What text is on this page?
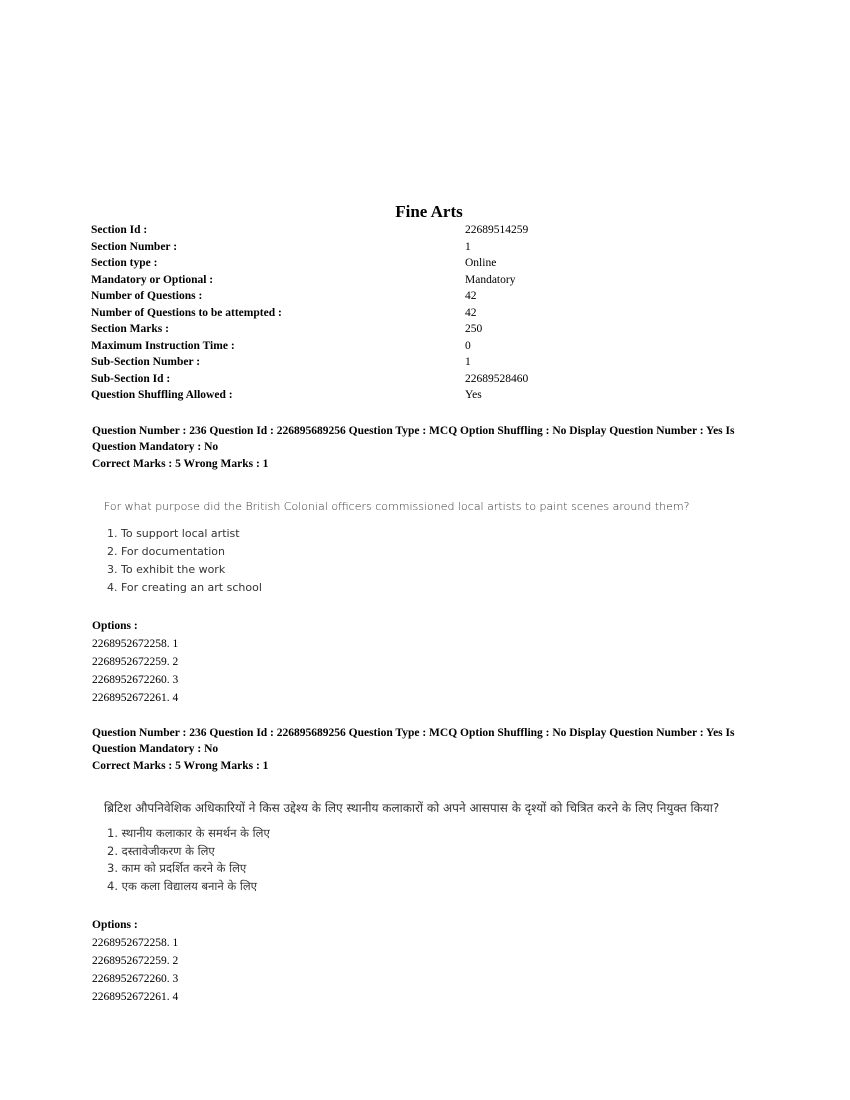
Fine Arts
Section Id :	22689514259
Section Number :	1
Section type :	Online
Mandatory or Optional :	Mandatory
Number of Questions :	42
Number of Questions to be attempted :	42
Section Marks :	250
Maximum Instruction Time :	0
Sub-Section Number :	1
Sub-Section Id :	22689528460
Question Shuffling Allowed :	Yes
Question Number : 236 Question Id : 226895689256 Question Type : MCQ Option Shuffling : No Display Question Number : Yes Is
Question Mandatory : No
Correct Marks : 5 Wrong Marks : 1
For what purpose did the British Colonial officers commissioned local artists to paint scenes around them?
1. To support local artist
2. For documentation
3. To exhibit the work
4. For creating an art school
Options :
2268952672258. 1
2268952672259. 2
2268952672260. 3
2268952672261. 4
Question Number : 236 Question Id : 226895689256 Question Type : MCQ Option Shuffling : No Display Question Number : Yes Is
Question Mandatory : No
Correct Marks : 5 Wrong Marks : 1
ब्रिटिश औपनिवेशिक अधिकारियों ने किस उद्देश्य के लिए स्थानीय कलाकारों को अपने आसपास के दृश्यों को चित्रित करने के लिए नियुक्त किया?
1. स्थानीय कलाकार के समर्थन के लिए
2. दस्तावेजीकरण के लिए
3. काम को प्रदर्शित करने के लिए
4. एक कला विद्यालय बनाने के लिए
Options :
2268952672258. 1
2268952672259. 2
2268952672260. 3
2268952672261. 4
